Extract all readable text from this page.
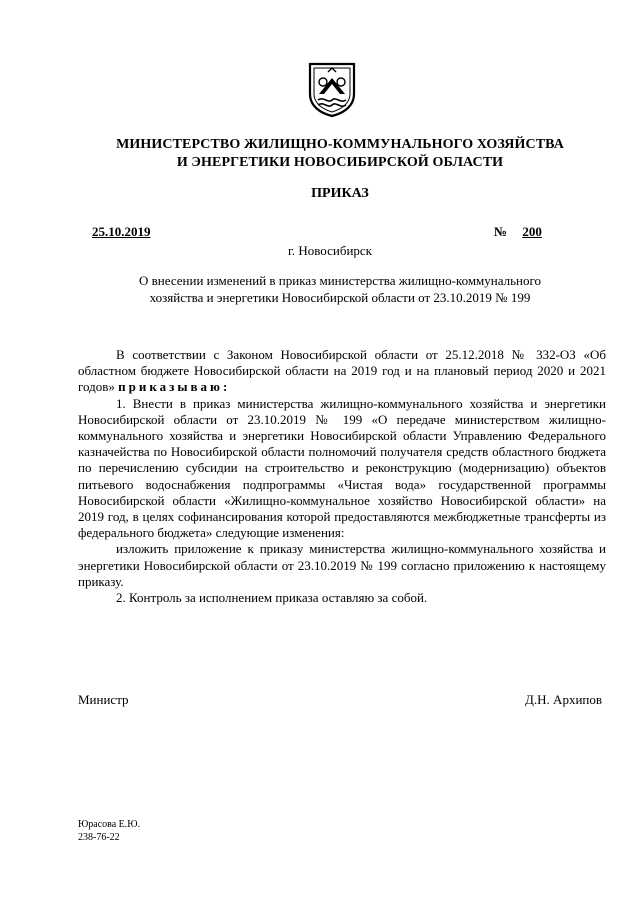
МИНИСТЕРСТВО ЖИЛИЩНО-КОММУНАЛЬНОГО ХОЗЯЙСТВА
И ЭНЕРГЕТИКИ НОВОСИБИРСКОЙ ОБЛАСТИ
ПРИКАЗ
25.10.2019	№ 200
г. Новосибирск
О внесении изменений в приказ министерства жилищно-коммунального
хозяйства и энергетики Новосибирской области от 23.10.2019 № 199

В соответствии с Законом Новосибирской области от 25.12.2018 № 332-ОЗ «Об областном бюджете Новосибирской области на 2019 год и на плановый период 2020 и 2021 годов» приказываю:

1. Внести в приказ министерства жилищно-коммунального хозяйства и энергетики Новосибирской области от 23.10.2019 № 199 «О передаче министерством жилищно-коммунального хозяйства и энергетики Новосибирской области Управлению Федерального казначейства по Новосибирской области полномочий получателя средств областного бюджета по перечислению субсидии на строительство и реконструкцию (модернизацию) объектов питьевого водоснабжения подпрограммы «Чистая вода» государственной программы Новосибирской области «Жилищно-коммунальное хозяйство Новосибирской области» на 2019 год, в целях софинансирования которой предоставляются межбюджетные трансферты из федерального бюджета» следующие изменения:

изложить приложение к приказу министерства жилищно-коммунального хозяйства и энергетики Новосибирской области от 23.10.2019 № 199 согласно приложению к настоящему приказу.

2. Контроль за исполнением приказа оставляю за собой.

Министр	Д.Н. Архипов
Юрасова Е.Ю.
238-76-22
